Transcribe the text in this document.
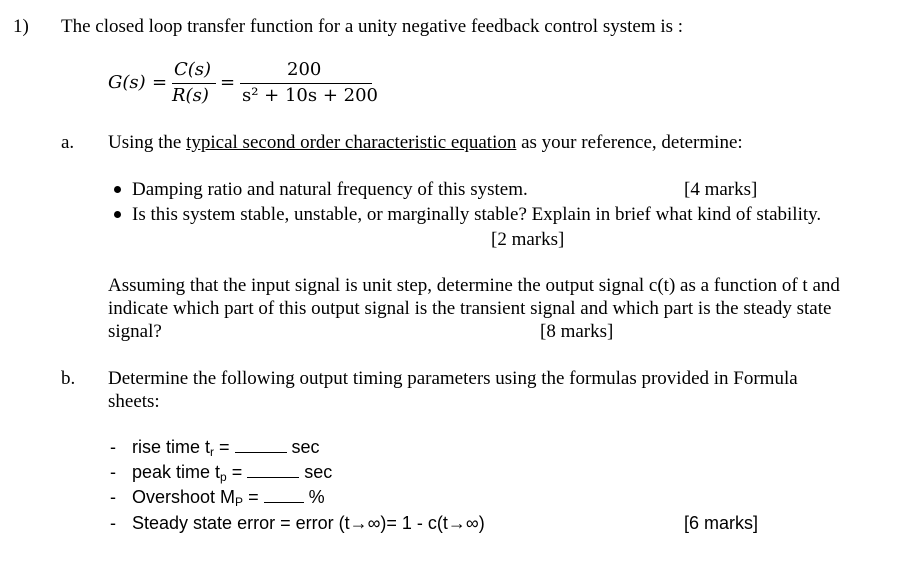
1) The closed loop transfer function for a unity negative feedback control system is :
G(s) =
C(s)
R(s)
=
200
s² + 10s + 200
a. Using the typical second order characteristic equation as your reference, determine:
Damping ratio and natural frequency of this system.	[4 marks]
Is this system stable, unstable, or marginally stable? Explain in brief what kind of stability.
[2 marks]
Assuming that the input signal is unit step, determine the output signal c(t) as a function of t and
indicate which part of this output signal is the transient signal and which part is the steady state
signal?	[8 marks]
b. Determine the following output timing parameters using the formulas provided in Formula
sheets:
- rise time $t_r$ =	sec
- peak time $t_p$ =	sec
- Overshoot $M_P$ =  %
- Steady state error = error (t→∞)= 1 - c(t→∞)	[6 marks]
